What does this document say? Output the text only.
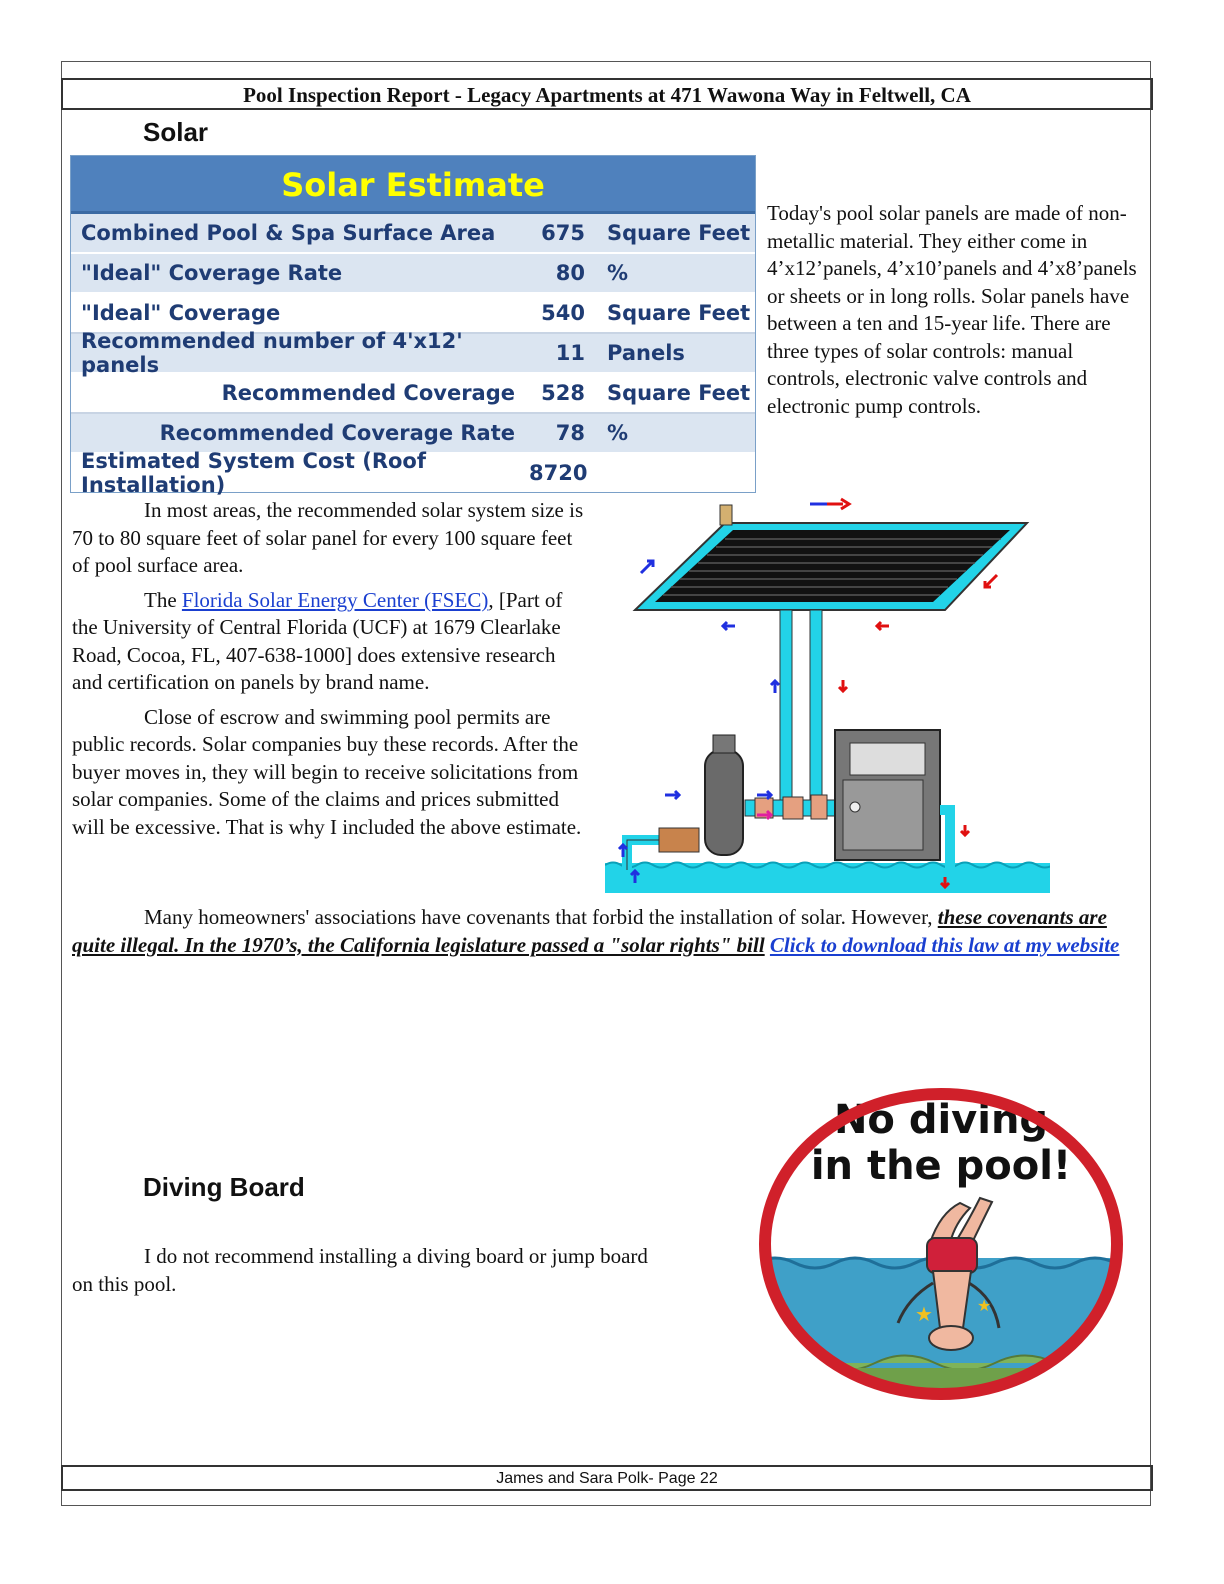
Pool Inspection Report - Legacy Apartments at 471 Wawona Way in Feltwell, CA
Solar
Solar Estimate
Combined Pool & Spa Surface Area	675	Square Feet
"Ideal" Coverage Rate	80	%
"Ideal" Coverage	540	Square Feet
Recommended number of 4'x12' panels	11	Panels
Recommended Coverage	528	Square Feet
Recommended Coverage Rate	78	%
Estimated System Cost (Roof Installation)	8720
Today's pool solar panels are made of non-metallic material. They either come in 4’x12’panels, 4’x10’panels and 4’x8’panels or sheets or in long rolls. Solar panels have between a ten and 15-year life. There are three types of solar controls: manual controls, electronic valve controls and electronic pump controls.

In most areas, the recommended solar system size is 70 to 80 square feet of solar panel for every 100 square feet of pool surface area.

The Florida Solar Energy Center (FSEC), [Part of the University of Central Florida (UCF) at 1679 Clearlake Road, Cocoa, FL, 407-638-1000] does extensive research and certification on panels by brand name.

Close of escrow and swimming pool permits are public records. Solar companies buy these records. After the buyer moves in, they will begin to receive solicitations from solar companies. Some of the claims and prices submitted will be excessive. That is why I included the above estimate.

Many homeowners' associations have covenants that forbid the installation of solar. However, these covenants are quite illegal. In the 1970’s, the California legislature passed a "solar rights" bill Click to download this law at my website
Diving Board
I do not recommend installing a diving board or jump board on this pool.
★	★
No diving
in the pool!
James and Sara Polk- Page 22
